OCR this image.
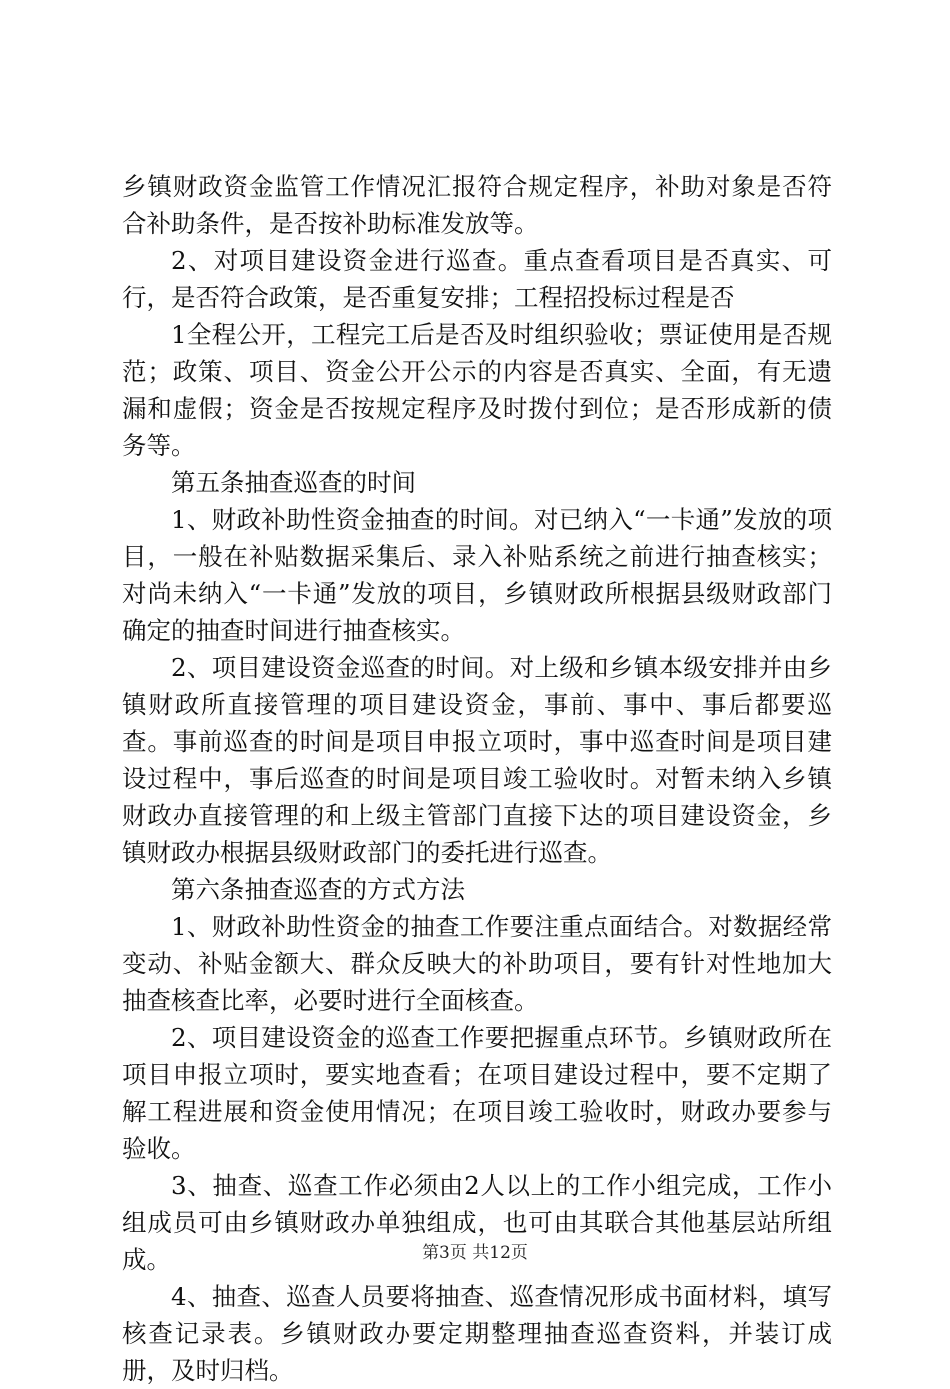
乡镇财政资金监管工作情况汇报符合规定程序，补助对象是否符合补助条件，是否按补助标准发放等。

2、对项目建设资金进行巡查。重点查看项目是否真实、可行，是否符合政策，是否重复安排；工程招投标过程是否

1全程公开，工程完工后是否及时组织验收；票证使用是否规范；政策、项目、资金公开公示的内容是否真实、全面，有无遗漏和虚假；资金是否按规定程序及时拨付到位；是否形成新的债务等。

第五条抽查巡查的时间

1、财政补助性资金抽查的时间。对已纳入“一卡通”发放的项目，一般在补贴数据采集后、录入补贴系统之前进行抽查核实；对尚未纳入“一卡通”发放的项目，乡镇财政所根据县级财政部门确定的抽查时间进行抽查核实。

2、项目建设资金巡查的时间。对上级和乡镇本级安排并由乡镇财政所直接管理的项目建设资金，事前、事中、事后都要巡查。事前巡查的时间是项目申报立项时，事中巡查时间是项目建设过程中，事后巡查的时间是项目竣工验收时。对暂未纳入乡镇财政办直接管理的和上级主管部门直接下达的项目建设资金，乡镇财政办根据县级财政部门的委托进行巡查。

第六条抽查巡查的方式方法

1、财政补助性资金的抽查工作要注重点面结合。对数据经常变动、补贴金额大、群众反映大的补助项目，要有针对性地加大抽查核查比率，必要时进行全面核查。

2、项目建设资金的巡查工作要把握重点环节。乡镇财政所在项目申报立项时，要实地查看；在项目建设过程中，要不定期了解工程进展和资金使用情况；在项目竣工验收时，财政办要参与验收。

3、抽查、巡查工作必须由2人以上的工作小组完成，工作小组成员可由乡镇财政办单独组成，也可由其联合其他基层站所组成。

4、抽查、巡查人员要将抽查、巡查情况形成书面材料，填写核查记录表。乡镇财政办要定期整理抽查巡查资料，并装订成册，及时归档。

第3页 共12页
